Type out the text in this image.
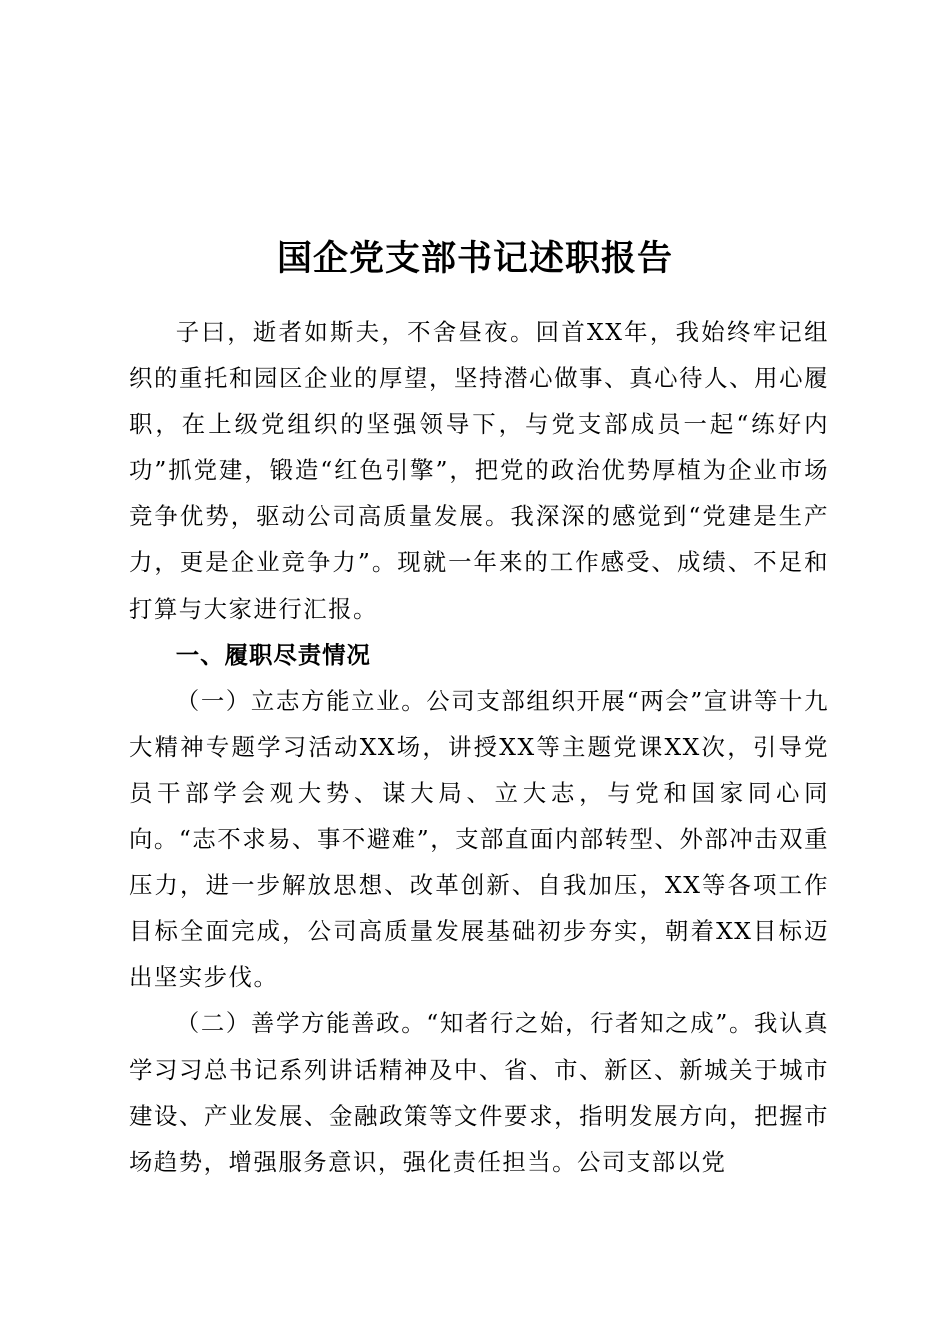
国企党支部书记述职报告

子曰，逝者如斯夫，不舍昼夜。回首XX年，我始终牢记组织的重托和园区企业的厚望，坚持潜心做事、真心待人、用心履职，在上级党组织的坚强领导下，与党支部成员一起“练好内功”抓党建，锻造“红色引擎”，把党的政治优势厚植为企业市场竞争优势，驱动公司高质量发展。我深深的感觉到“党建是生产力，更是企业竞争力”。现就一年来的工作感受、成绩、不足和打算与大家进行汇报。

一、履职尽责情况

（一）立志方能立业。公司支部组织开展“两会”宣讲等十九大精神专题学习活动XX场，讲授XX等主题党课XX次，引导党员干部学会观大势、谋大局、立大志，与党和国家同心同向。“志不求易、事不避难”，支部直面内部转型、外部冲击双重压力，进一步解放思想、改革创新、自我加压，XX等各项工作目标全面完成，公司高质量发展基础初步夯实，朝着XX目标迈出坚实步伐。

（二）善学方能善政。“知者行之始，行者知之成”。我认真学习习总书记系列讲话精神及中、省、市、新区、新城关于城市建设、产业发展、金融政策等文件要求，指明发展方向，把握市场趋势，增强服务意识，强化责任担当。公司支部以党
